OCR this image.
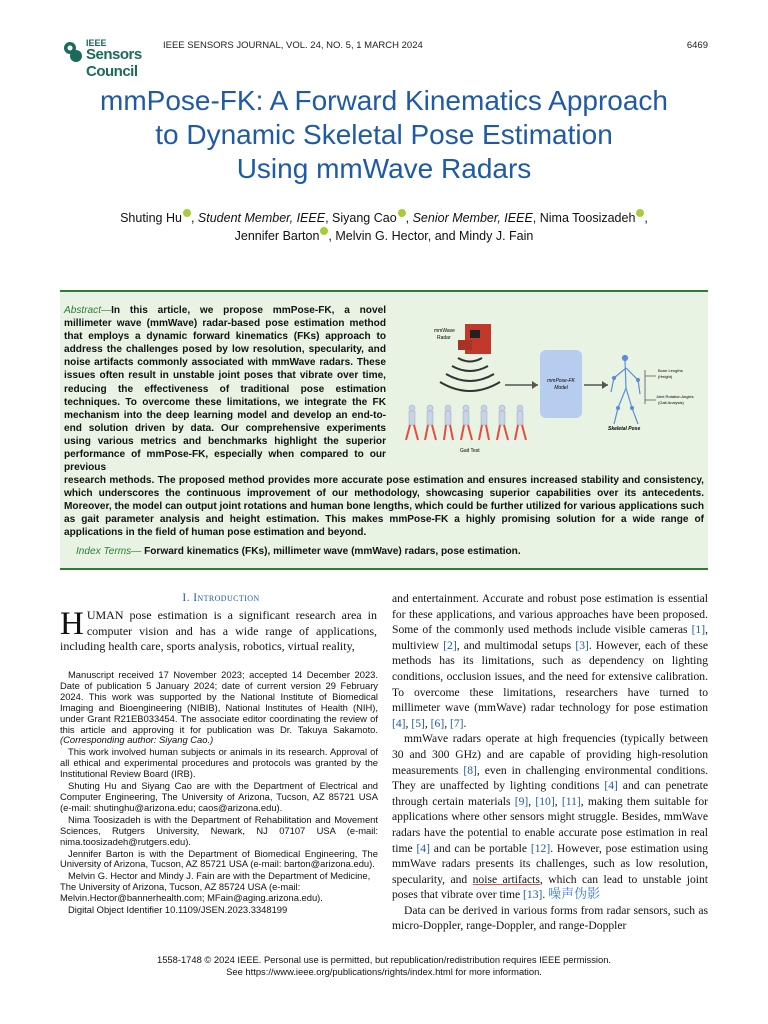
IEEE
Sensors Council
IEEE SENSORS JOURNAL, VOL. 24, NO. 5, 1 MARCH 2024	6469
mmPose-FK: A Forward Kinematics Approach
to Dynamic Skeletal Pose Estimation
Using mmWave Radars
Shuting Hu , Student Member, IEEE, Siyang Cao , Senior Member, IEEE, Nima Toosizadeh ,
Jennifer Barton , Melvin G. Hector, and Mindy J. Fain
Abstract—In this article, we propose mmPose-FK, a novel millimeter wave (mmWave) radar-based pose estimation method that employs a dynamic forward kinematics (FKs) approach to address the challenges posed by low resolution, specularity, and noise artifacts commonly associated with mmWave radars. These issues often result in unstable joint poses that vibrate over time, reducing the effectiveness of traditional pose estimation techniques. To overcome these limitations, we integrate the FK mechanism into the deep learning model and develop an end-to-end solution driven by data. Our comprehensive experiments using various metrics and benchmarks highlight the superior performance of mmPose-FK, especially when compared to our previous
research methods. The proposed method provides more accurate pose estimation and ensures increased stability and consistency, which underscores the continuous improvement of our methodology, showcasing superior capabilities over its antecedents. Moreover, the model can output joint rotations and human bone lengths, which could be further utilized for various applications such as gait parameter analysis and height estimation. This makes mmPose-FK a highly promising solution for a wide range of applications in the field of human pose estimation and beyond.
Index Terms— Forward kinematics (FKs), millimeter wave (mmWave) radars, pose estimation.
mmWave
Radar
Gait Test
mmPose-FK
Model
Bone Lengths
(Height)
Joint Rotation Angles
(Gait Analysis)
Skeletal Pose
I. Introduction
HUMAN pose estimation is a significant research area in computer vision and has a wide range of applications, including health care, sports analysis, robotics, virtual reality,

Manuscript received 17 November 2023; accepted 14 December 2023. Date of publication 5 January 2024; date of current version 29 February 2024. This work was supported by the National Institute of Biomedical Imaging and Bioengineering (NIBIB), National Institutes of Health (NIH), under Grant R21EB033454. The associate editor coordinating the review of this article and approving it for publication was Dr. Takuya Sakamoto. (Corresponding author: Siyang Cao.)

This work involved human subjects or animals in its research. Approval of all ethical and experimental procedures and protocols was granted by the Institutional Review Board (IRB).

Shuting Hu and Siyang Cao are with the Department of Electrical and Computer Engineering, The University of Arizona, Tucson, AZ 85721 USA (e-mail: shutinghu@arizona.edu; caos@arizona.edu).

Nima Toosizadeh is with the Department of Rehabilitation and Movement Sciences, Rutgers University, Newark, NJ 07107 USA (e-mail: nima.toosizadeh@rutgers.edu).

Jennifer Barton is with the Department of Biomedical Engineering, The University of Arizona, Tucson, AZ 85721 USA (e-mail: barton@arizona.edu).

Melvin G. Hector and Mindy J. Fain are with the Department of Medicine, The University of Arizona, Tucson, AZ 85724 USA (e-mail: Melvin.Hector@bannerhealth.com; MFain@aging.arizona.edu).

Digital Object Identifier 10.1109/JSEN.2023.3348199

and entertainment. Accurate and robust pose estimation is essential for these applications, and various approaches have been proposed. Some of the commonly used methods include visible cameras [1], multiview [2], and multimodal setups [3]. However, each of these methods has its limitations, such as dependency on lighting conditions, occlusion issues, and the need for extensive calibration. To overcome these limitations, researchers have turned to millimeter wave (mmWave) radar technology for pose estimation [4], [5], [6], [7].

mmWave radars operate at high frequencies (typically between 30 and 300 GHz) and are capable of providing high-resolution measurements [8], even in challenging environmental conditions. They are unaffected by lighting conditions [4] and can penetrate through certain materials [9], [10], [11], making them suitable for applications where other sensors might struggle. Besides, mmWave radars have the potential to enable accurate pose estimation in real time [4] and can be portable [12]. However, pose estimation using mmWave radars presents its challenges, such as low resolution, specularity, and noise artifacts, which can lead to unstable joint poses that vibrate over time [13]. 噪声伪影

Data can be derived in various forms from radar sensors, such as micro-Doppler, range-Doppler, and range-Doppler

1558-1748 © 2024 IEEE. Personal use is permitted, but republication/redistribution requires IEEE permission.
See https://www.ieee.org/publications/rights/index.html for more information.
